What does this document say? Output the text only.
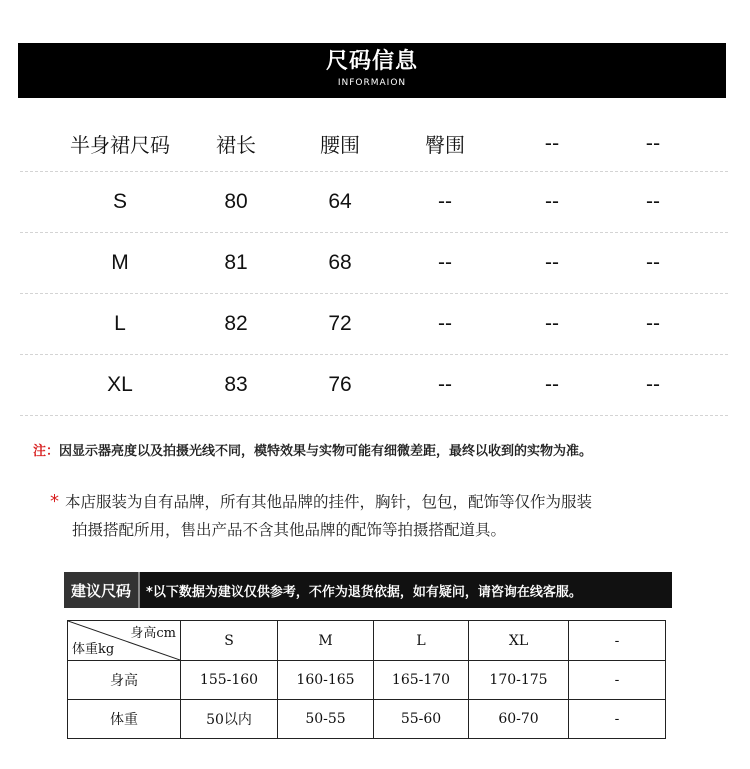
尺码信息
INFORMAION
半身裙尺码	裙长	腰围	臀围	--	--
S	80	64	--	--	--
M	81	68	--	--	--
L	82	72	--	--	--
XL	83	76	--	--	--
注：因显示器亮度以及拍摄光线不同，模特效果与实物可能有细微差距，最终以收到的实物为准。
* 本店服装为自有品牌，所有其他品牌的挂件，胸针，包包，配饰等仅作为服装
拍摄搭配所用，售出产品不含其他品牌的配饰等拍摄搭配道具。
建议尺码	*以下数据为建议仅供参考，不作为退货依据，如有疑问，请咨询在线客服。
身高cm
体重kg	S	M	L	XL	-
身高	155-160	160-165	165-170	170-175	-
体重	50以内	50-55	55-60	60-70	-
